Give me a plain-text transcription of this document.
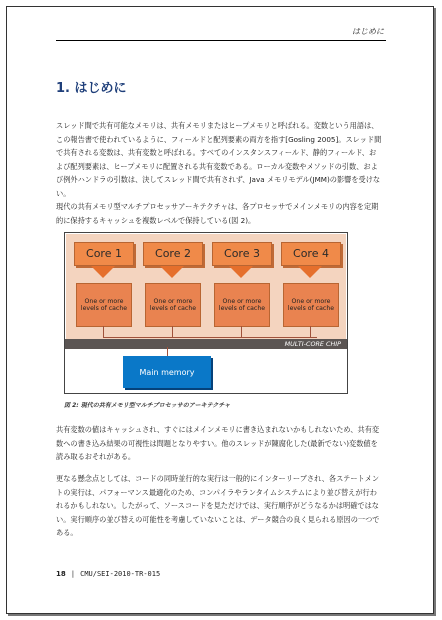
はじめに
1. はじめに
スレッド間で共有可能なメモリは、共有メモリまたはヒープメモリと呼ばれる。変数という用語は、この報告書で使われているように、フィールドと配列要素の両方を指す[Gosling 2005]。スレッド間で共有される変数は、共有変数と呼ばれる。すべてのインスタンスフィールド、静的フィールド、および配列要素は、ヒープメモリに配置される共有変数である。ローカル変数やメソッドの引数、および例外ハンドラの引数は、決してスレッド間で共有されず、Java メモリモデル(JMM)の影響を受けない。
現代の共有メモリ型マルチプロセッサアーキテクチャは、各プロセッサでメインメモリの内容を定期的に保持するキャッシュを複数レベルで保持している(図 2)。
Core 1	Core 2	Core 3	Core 4
One or more levels of cache
One or more levels of cache
One or more levels of cache
One or more levels of cache
MULTI-CORE CHIP
Main memory
図 2: 現代の共有メモリ型マルチプロセッサのアーキテクチャ
共有変数の値はキャッシュされ、すぐにはメインメモリに書き込まれないかもしれないため、共有変数への書き込み結果の可視性は問題となりやすい。他のスレッドが陳腐化した(最新でない)変数値を読み取るおそれがある。
更なる懸念点としては、コードの同時並行的な実行は一般的にインターリーブされ、各ステートメントの実行は、パフォーマンス最適化のため、コンパイラやランタイムシステムにより並び替えが行われるかもしれない。したがって、ソースコードを見ただけでは、実行順序がどうなるかは明確ではない。実行順序の並び替えの可能性を考慮していないことは、データ競合の良く見られる原因の一つである。
18 | CMU/SEI-2010-TR-015
